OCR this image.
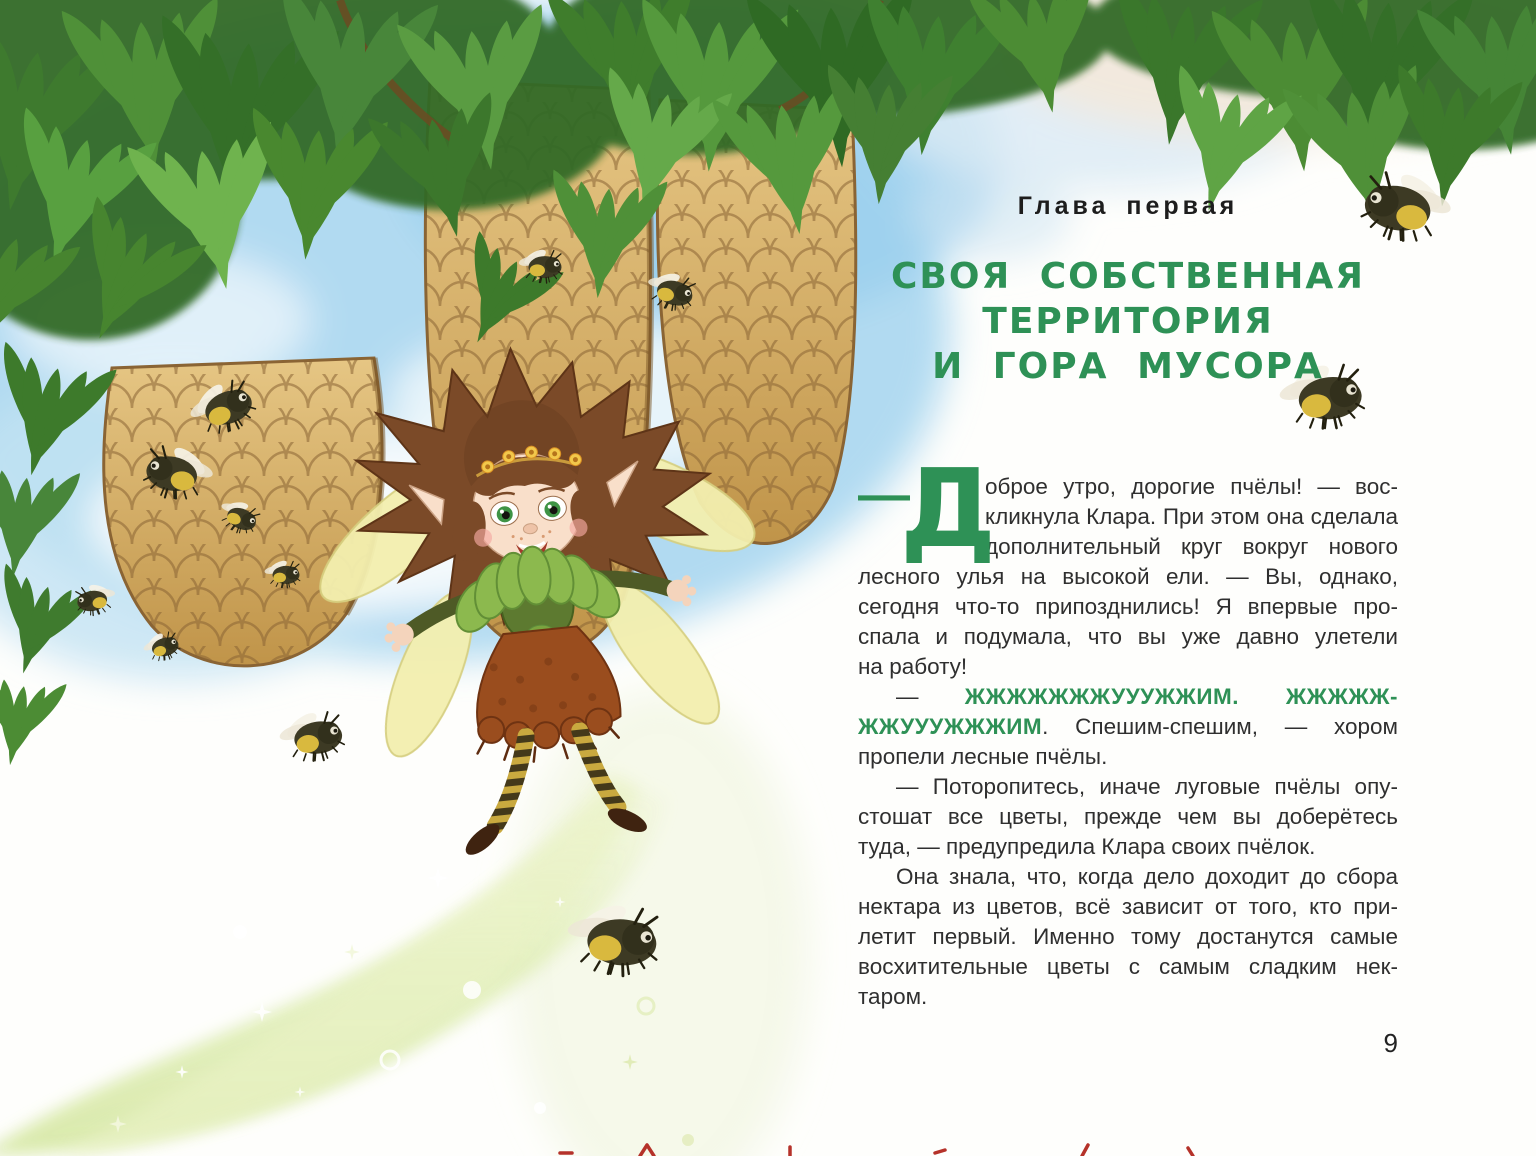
Глава первая
СВОЯ СОБСТВЕННАЯ
ТЕРРИТОРИЯ
И ГОРА МУСОРА
—
Д
оброе утро, дорогие пчёлы! — вос-
кликнула Клара. При этом она сделала
дополнительный круг вокруг нового
лесного улья на высокой ели. — Вы, однако,
сегодня что-то припозднились! Я впервые про-
спала и подумала, что вы уже давно улетели
на работу!
— ЖЖЖЖЖЖЖУУУЖЖИМ. ЖЖЖЖЖ-
ЖЖУУУЖЖЖИМ. Спешим-спешим, — хором
пропели лесные пчёлы.
— Поторопитесь, иначе луговые пчёлы опу-
стошат все цветы, прежде чем вы доберётесь
туда, — предупредила Клара своих пчёлок.
Она знала, что, когда дело доходит до сбора
нектара из цветов, всё зависит от того, кто при-
летит первый. Именно тому достанутся самые
восхитительные цветы с самым сладким нек-
таром.
9
